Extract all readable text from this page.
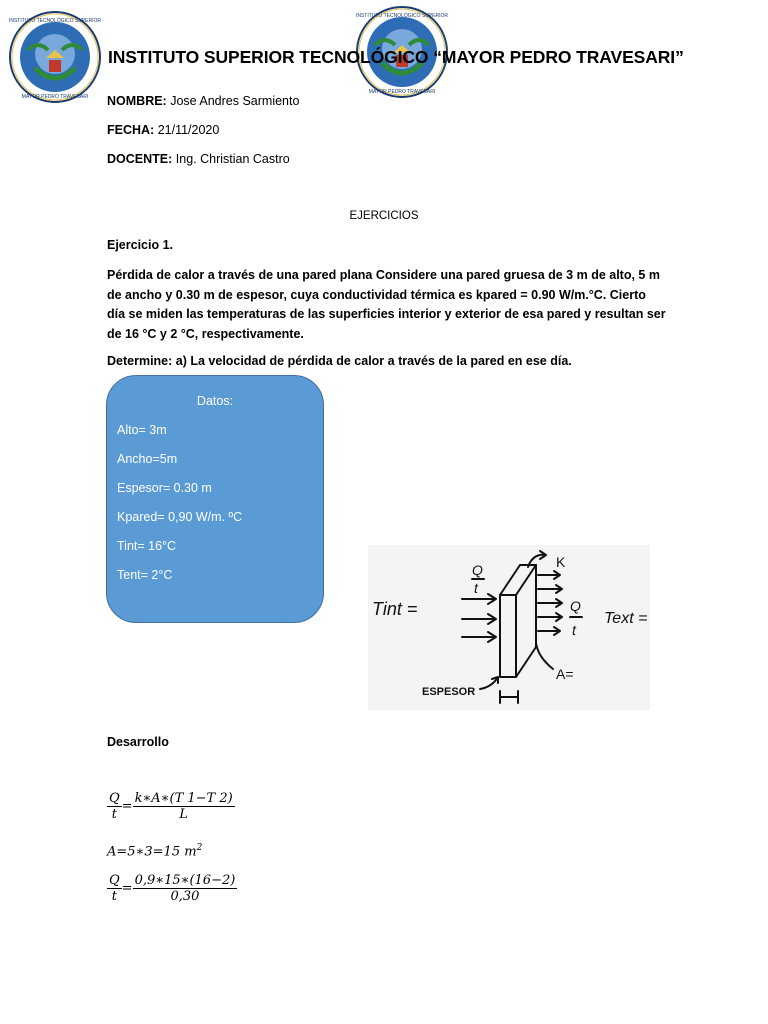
INSTITUTO TECNOLÓGICO SUPERIOR
MAYOR PEDRO TRAVESARI
INSTITUTO TECNOLÓGICO SUPERIOR
MAYOR PEDRO TRAVESARI
INSTITUTO SUPERIOR TECNOLÓGICO “MAYOR PEDRO TRAVESARI”
NOMBRE: Jose Andres Sarmiento
FECHA: 21/11/2020
DOCENTE: Ing. Christian Castro
EJERCICIOS
Ejercicio 1.
Pérdida de calor a través de una pared plana Considere una pared gruesa de 3 m de alto, 5 m de ancho y 0.30 m de espesor, cuya conductividad térmica es kpared = 0.90 W/m.°C. Cierto día se miden las temperaturas de las superficies interior y exterior de esa pared y resultan ser de 16 °C y 2 °C, respectivamente.
Determine: a) La velocidad de pérdida de calor a través de la pared en ese día.
Datos:
Alto= 3m
Ancho=5m
Espesor= 0.30 m
Kpared= 0,90 W/m. ºC
Tint= 16°C
Tent= 2°C
Tint =
Q
t
K
Q
t
Text =
A=
ESPESOR
Desarrollo
$\frac{Q}{t} = \frac{k∗A∗(T 1-T 2)}{L}$
A=5∗3=15 $m^2$
$\frac{Q}{t} = \frac{0,9∗15∗(16-2)}{0,30}$
